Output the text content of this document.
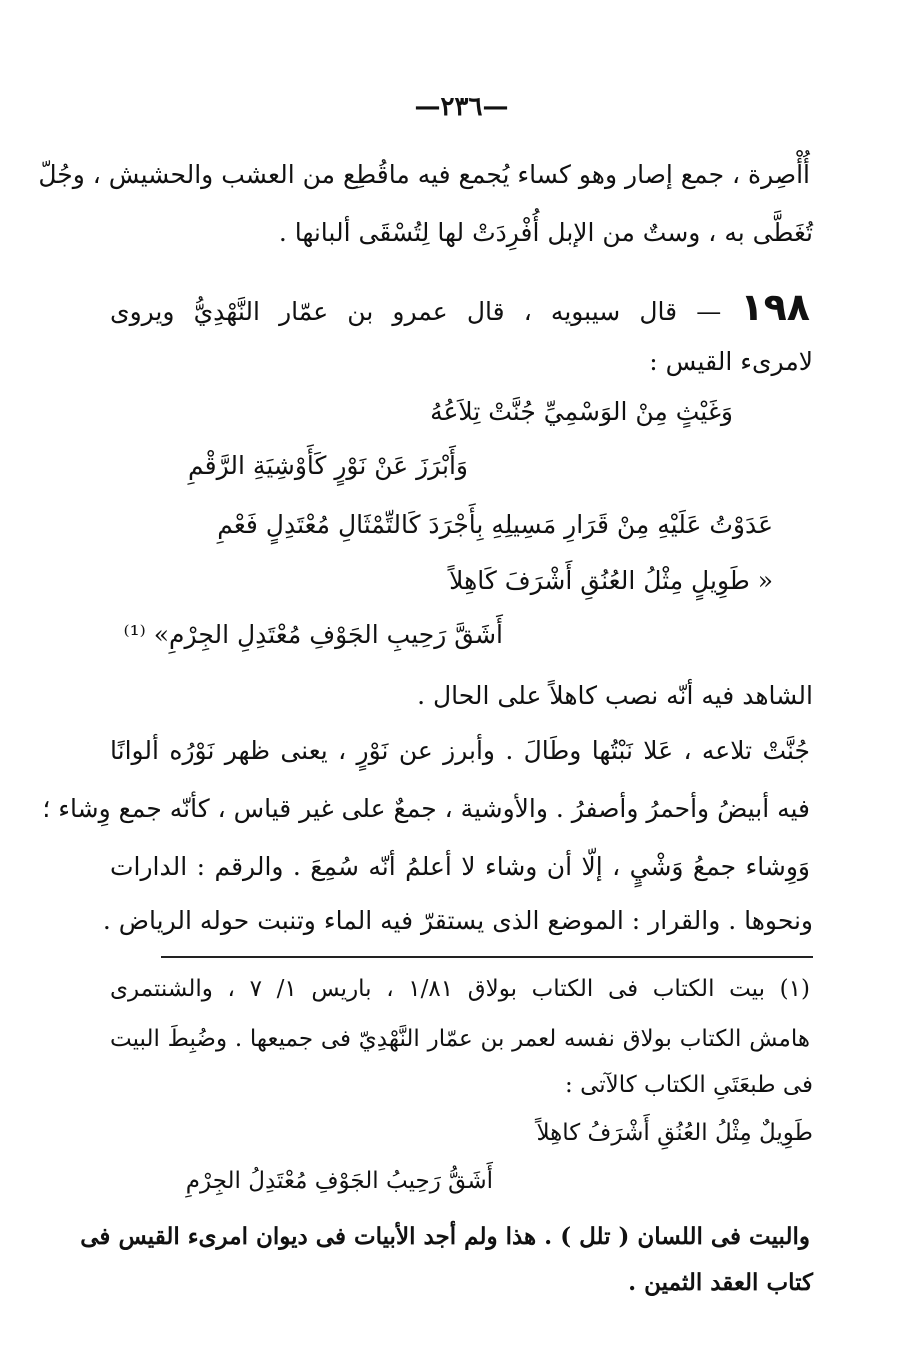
—٢٣٦—
أُأْصِرة ، جمع إصار وهو كساء يُجمع فيه ماقُطِع من العشب والحشيش ، وجُلّ
تُغَطَّى به ، وستٌ من الإبل أُفْرِدَتْ لها لِتُسْقَى ألبانها .
١٩٨ — قال سيبويه ، قال عمرو بن عمّار النَّهْدِيُّ ويروى
لامرىء القيس :
وَغَيْثٍ مِنْ الوَسْمِيِّ جُنَّتْ تِلاَعُهُ
وَأَبْرَزَ عَنْ نَوْرٍ كَأَوْشِيَةِ الرَّقْمِ
عَدَوْتُ عَلَيْهِ مِنْ قَرَارِ مَسِيلِهِ بِأَجْرَدَ كَالتِّمْثَالِ مُعْتَدِلٍ فَعْمِ
« طَوِيلٍ مِثْلُ العُنُقِ أَشْرَفَ كَاهِلاً
أَشَقَّ رَحِيبِ الجَوْفِ مُعْتَدِلِ الجِرْمِ» ⁽¹⁾
الشاهد فيه أنّه نصب كاهلاً على الحال .
جُنَّتْ تلاعه ، عَلا نَبْتُها وطَالَ . وأبرز عن نَوْرٍ ، يعنى ظهر نَوْرُه ألوانًا
فيه أبيضُ وأحمرُ وأصفرُ . والأوشية ، جمعٌ على غير قياس ، كأنّه جمع وِشاء ؛
وَوِشاء جمعُ وَشْيٍ ، إلّا أن وشاء لا أعلمُ أنّه سُمِعَ . والرقم : الدارات
ونحوها . والقرار : الموضع الذى يستقرّ فيه الماء وتنبت حوله الرياض .
(١) بيت الكتاب فى الكتاب بولاق ١/٨١ ، باريس ١/ ٧ ، والشنتمرى
هامش الكتاب بولاق نفسه لعمر بن عمّار النَّهْدِيّ فى جميعها . وضُبِطَ البيت
فى طبعَتَىِ الكتاب كالآتى :
طَوِيلٌ مِثْلُ العُنُقِ أَشْرَفُ كاهِلاً
أَشَقُّ رَحِيبُ الجَوْفِ مُعْتَدِلُ الجِرْمِ
والبيت فى اللسان ( تلل ) . هذا ولم أجد الأبيات فى ديوان امرىء القيس فى
كتاب العقد الثمين .
